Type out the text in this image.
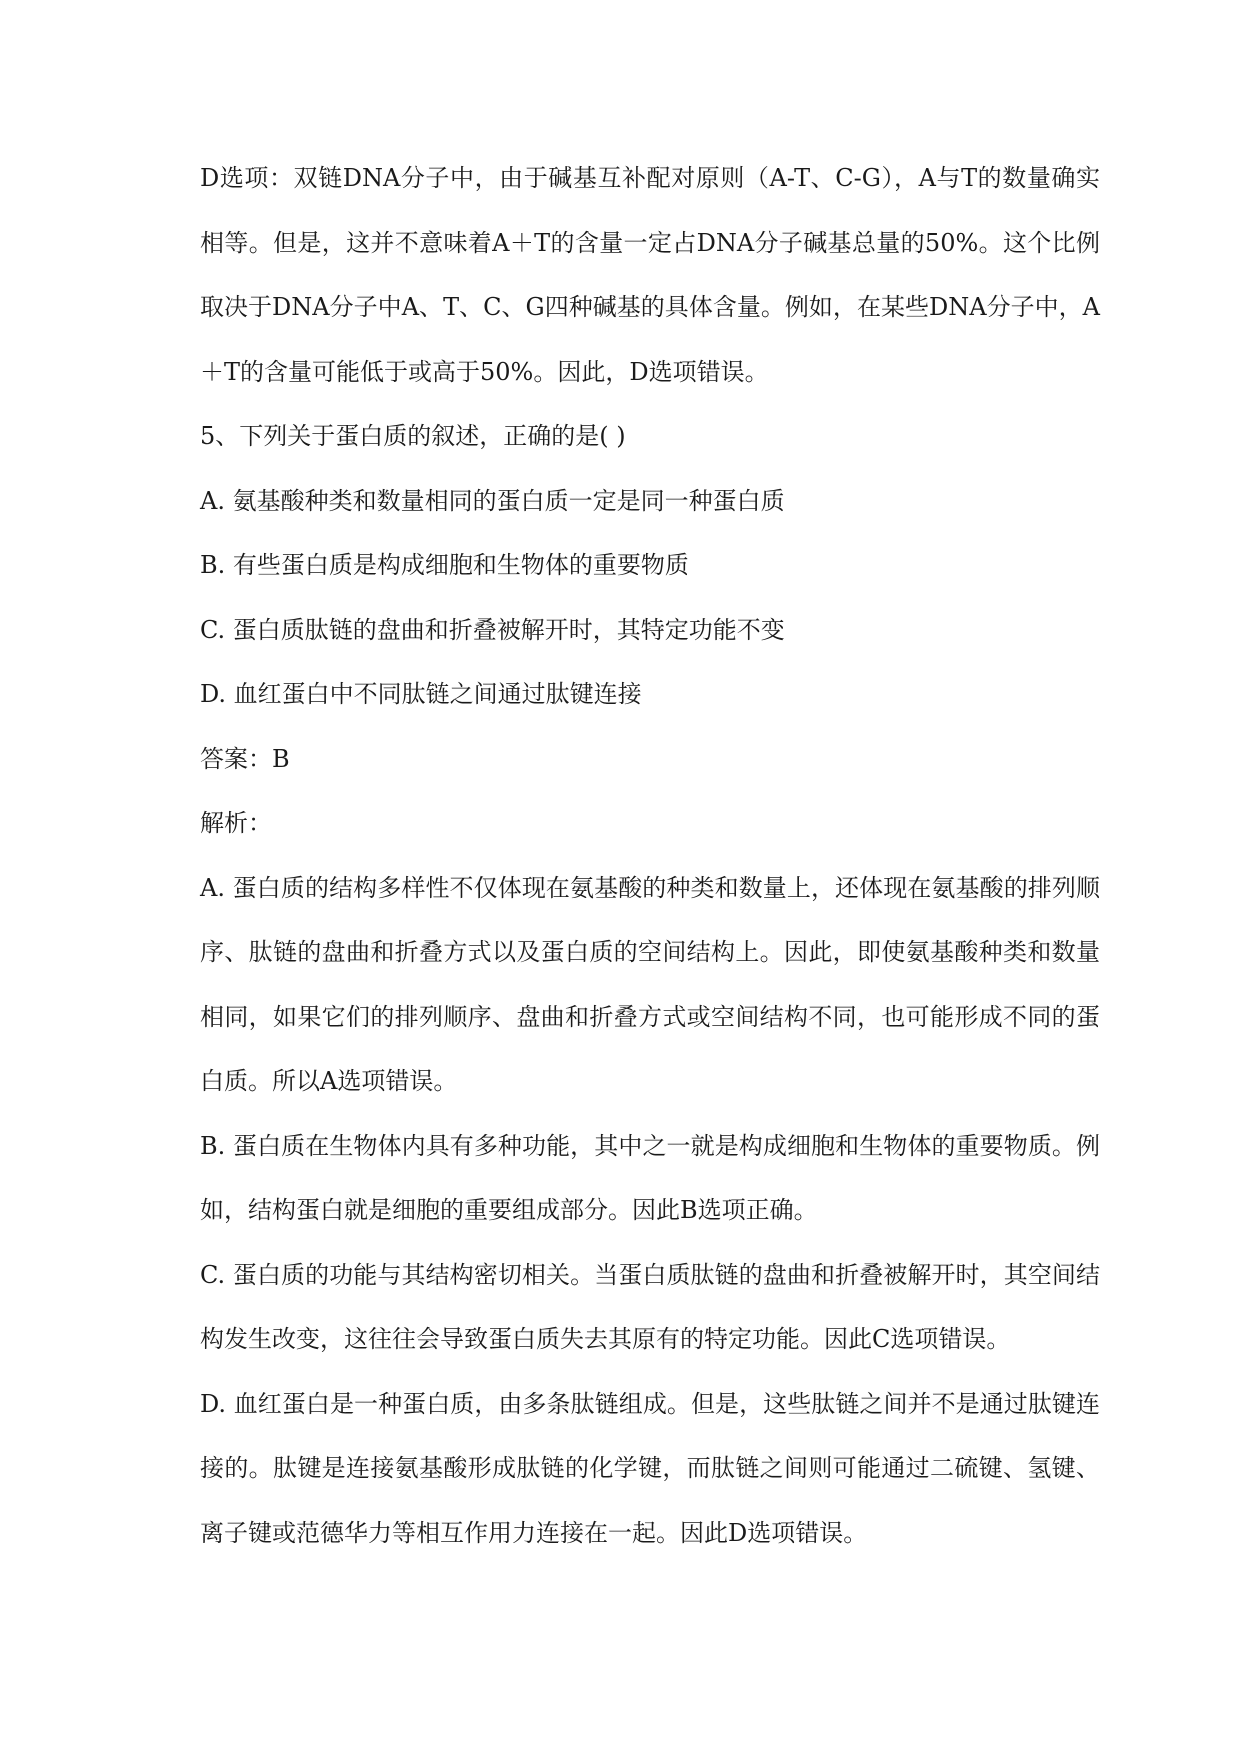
D选项：双链DNA分子中，由于碱基互补配对原则（A-T、C-G），A与T的数量确实相等。但是，这并不意味着A＋T的含量一定占DNA分子碱基总量的50%。这个比例取决于DNA分子中A、T、C、G四种碱基的具体含量。例如，在某些DNA分子中，A＋T的含量可能低于或高于50%。因此，D选项错误。

5、下列关于蛋白质的叙述，正确的是( )

A. 氨基酸种类和数量相同的蛋白质一定是同一种蛋白质

B. 有些蛋白质是构成细胞和生物体的重要物质

C. 蛋白质肽链的盘曲和折叠被解开时，其特定功能不变

D. 血红蛋白中不同肽链之间通过肽键连接

答案：B

解析：

A. 蛋白质的结构多样性不仅体现在氨基酸的种类和数量上，还体现在氨基酸的排列顺序、肽链的盘曲和折叠方式以及蛋白质的空间结构上。因此，即使氨基酸种类和数量相同，如果它们的排列顺序、盘曲和折叠方式或空间结构不同，也可能形成不同的蛋白质。所以A选项错误。

B. 蛋白质在生物体内具有多种功能，其中之一就是构成细胞和生物体的重要物质。例如，结构蛋白就是细胞的重要组成部分。因此B选项正确。

C. 蛋白质的功能与其结构密切相关。当蛋白质肽链的盘曲和折叠被解开时，其空间结构发生改变，这往往会导致蛋白质失去其原有的特定功能。因此C选项错误。

D. 血红蛋白是一种蛋白质，由多条肽链组成。但是，这些肽链之间并不是通过肽键连接的。肽键是连接氨基酸形成肽链的化学键，而肽链之间则可能通过二硫键、氢键、离子键或范德华力等相互作用力连接在一起。因此D选项错误。
